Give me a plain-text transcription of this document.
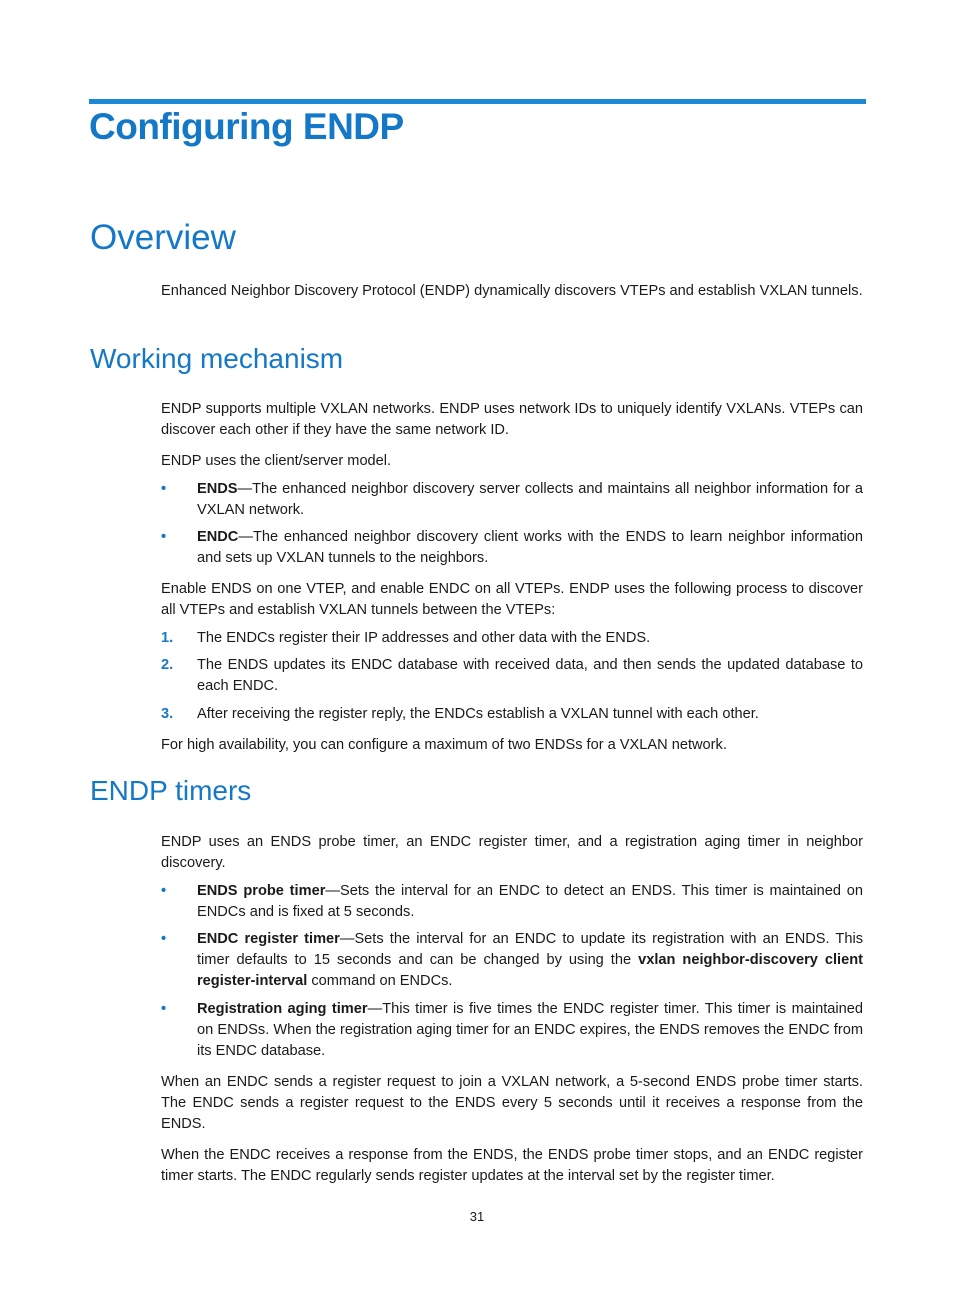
Configuring ENDP
Overview

Enhanced Neighbor Discovery Protocol (ENDP) dynamically discovers VTEPs and establish VXLAN tunnels.

Working mechanism

ENDP supports multiple VXLAN networks. ENDP uses network IDs to uniquely identify VXLANs. VTEPs can discover each other if they have the same network ID.

ENDP uses the client/server model.

• ENDS—The enhanced neighbor discovery server collects and maintains all neighbor information for a VXLAN network.
• ENDC—The enhanced neighbor discovery client works with the ENDS to learn neighbor information and sets up VXLAN tunnels to the neighbors.

Enable ENDS on one VTEP, and enable ENDC on all VTEPs. ENDP uses the following process to discover all VTEPs and establish VXLAN tunnels between the VTEPs:

1. The ENDCs register their IP addresses and other data with the ENDS.
2. The ENDS updates its ENDC database with received data, and then sends the updated database to each ENDC.
3. After receiving the register reply, the ENDCs establish a VXLAN tunnel with each other.

For high availability, you can configure a maximum of two ENDSs for a VXLAN network.

ENDP timers

ENDP uses an ENDS probe timer, an ENDC register timer, and a registration aging timer in neighbor discovery.

• ENDS probe timer—Sets the interval for an ENDC to detect an ENDS. This timer is maintained on ENDCs and is fixed at 5 seconds.
• ENDC register timer—Sets the interval for an ENDC to update its registration with an ENDS. This timer defaults to 15 seconds and can be changed by using the vxlan neighbor-discovery client register-interval command on ENDCs.
• Registration aging timer—This timer is five times the ENDC register timer. This timer is maintained on ENDSs. When the registration aging timer for an ENDC expires, the ENDS removes the ENDC from its ENDC database.

When an ENDC sends a register request to join a VXLAN network, a 5-second ENDS probe timer starts. The ENDC sends a register request to the ENDS every 5 seconds until it receives a response from the ENDS.

When the ENDC receives a response from the ENDS, the ENDS probe timer stops, and an ENDC register timer starts. The ENDC regularly sends register updates at the interval set by the register timer.

31
